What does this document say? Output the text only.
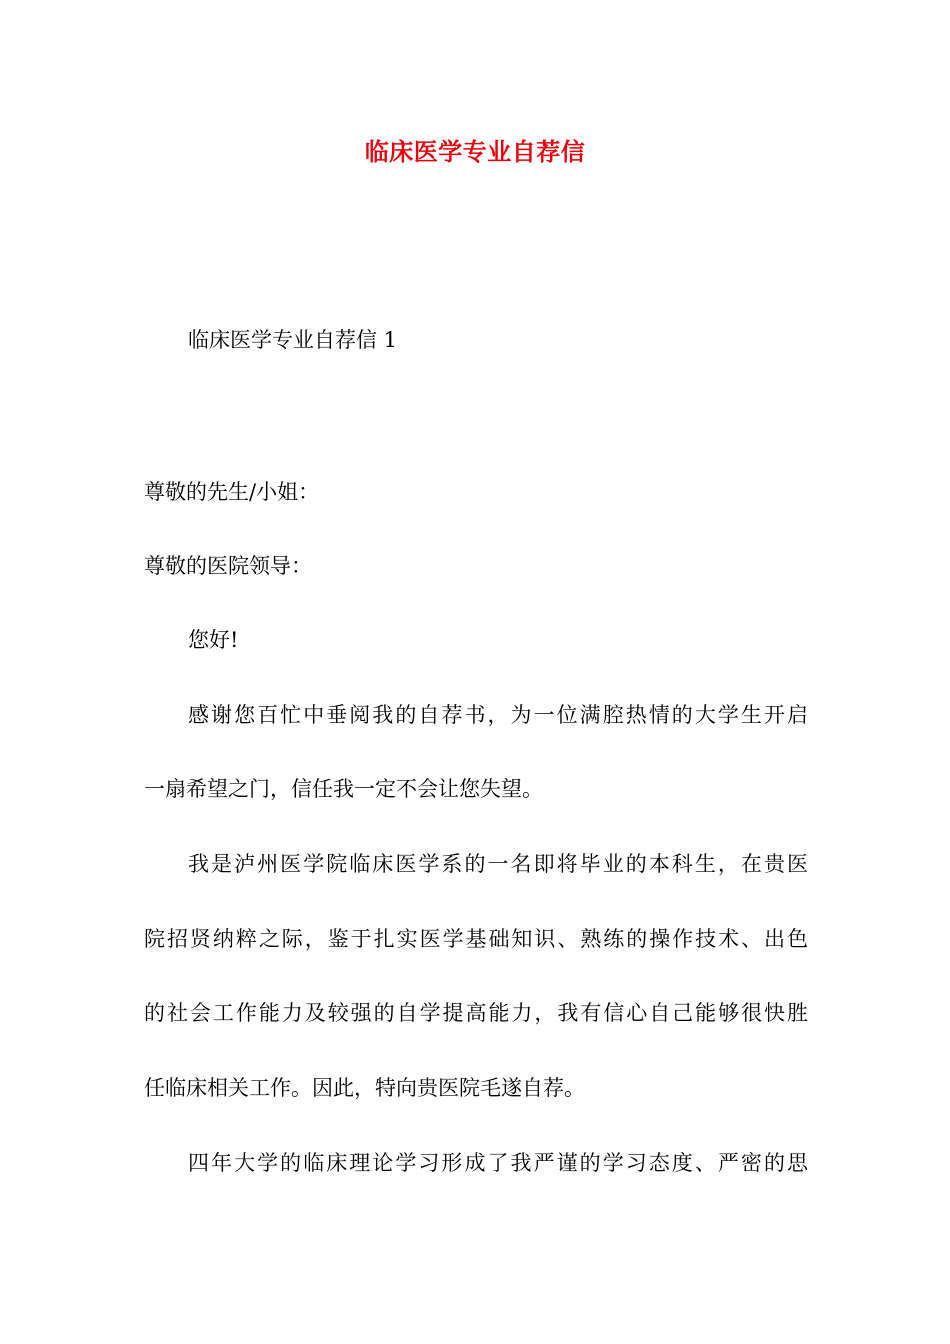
临床医学专业自荐信
临床医学专业自荐信 1
尊敬的先生/小姐：
尊敬的医院领导：
您好!
感谢您百忙中垂阅我的自荐书，为一位满腔热情的大学生开启
一扇希望之门，信任我一定不会让您失望。
我是泸州医学院临床医学系的一名即将毕业的本科生，在贵医
院招贤纳粹之际，鉴于扎实医学基础知识、熟练的操作技术、出色
的社会工作能力及较强的自学提高能力，我有信心自己能够很快胜
任临床相关工作。因此，特向贵医院毛遂自荐。
四年大学的临床理论学习形成了我严谨的学习态度、严密的思
